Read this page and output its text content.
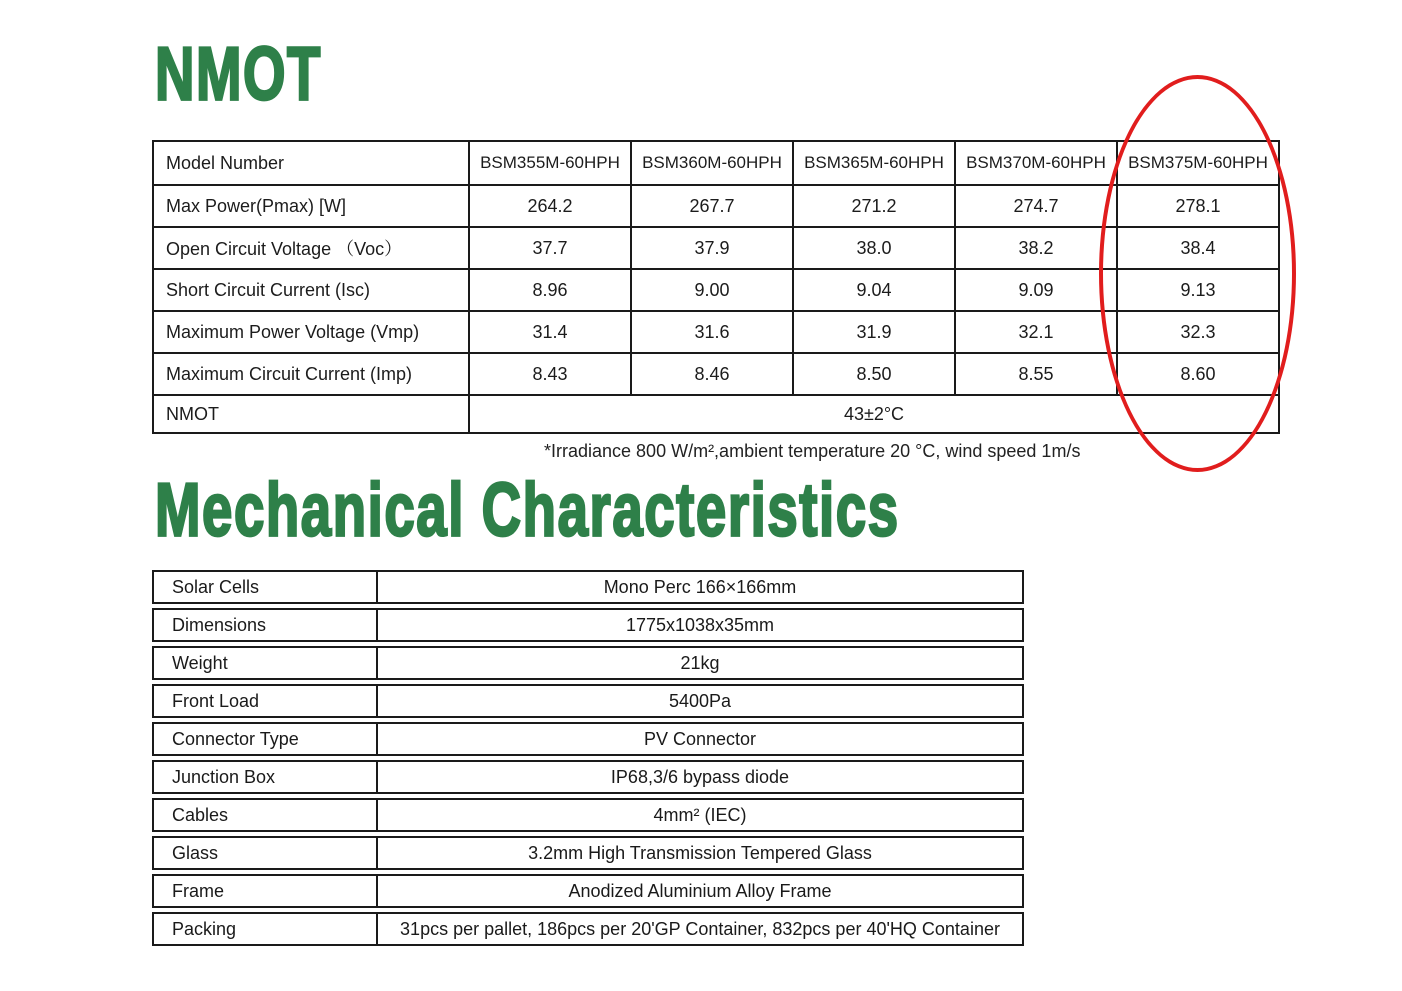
NMOT
Model Number	BSM355M-60HPH	BSM360M-60HPH	BSM365M-60HPH	BSM370M-60HPH	BSM375M-60HPH
Max Power(Pmax) [W]	264.2	267.7	271.2	274.7	278.1
Open Circuit Voltage （Voc）	37.7	37.9	38.0	38.2	38.4
Short Circuit Current (Isc)	8.96	9.00	9.04	9.09	9.13
Maximum Power Voltage (Vmp)	31.4	31.6	31.9	32.1	32.3
Maximum Circuit Current (Imp)	8.43	8.46	8.50	8.55	8.60
NMOT	43±2°C				
*Irradiance 800 W/m²,ambient temperature 20 °C, wind speed 1m/s
Mechanical Characteristics
Solar Cells	Mono Perc 166×166mm
Dimensions	1775x1038x35mm
Weight	21kg
Front Load	5400Pa
Connector Type	PV Connector
Junction Box	IP68,3/6 bypass diode
Cables	4mm² (IEC)
Glass	3.2mm High Transmission Tempered Glass
Frame	Anodized Aluminium Alloy Frame
Packing	31pcs per pallet, 186pcs per 20'GP Container, 832pcs per 40'HQ Container
